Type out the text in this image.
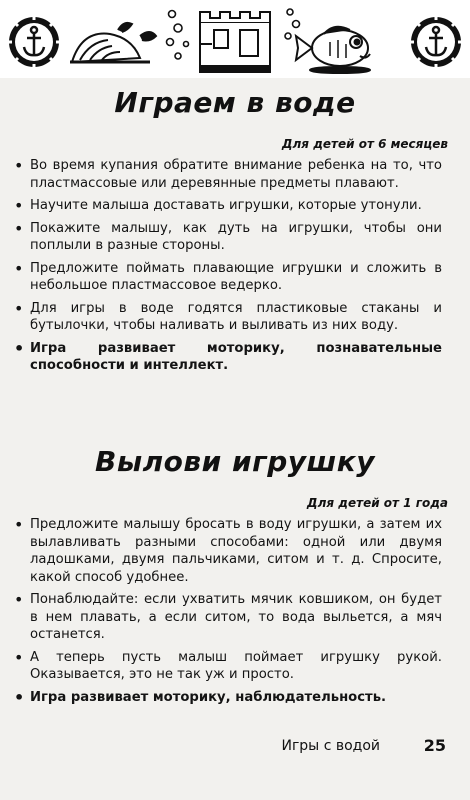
Играем в воде
Для детей от 6 месяцев
• Во время купания обратите внимание ребенка на то, что пластмассовые или деревянные предметы плавают.
• Научите малыша доставать игрушки, которые утонули.
• Покажите малышу, как дуть на игрушки, чтобы они поплыли в разные стороны.
• Предложите поймать плавающие игрушки и сложить в небольшое пластмассовое ведерко.
• Для игры в воде годятся пластиковые стаканы и бутылочки, чтобы наливать и выливать из них воду.
• Игра развивает моторику, познавательные способности и интеллект.
Вылови игрушку
Для детей от 1 года
• Предложите малышу бросать в воду игрушки, а затем их вылавливать разными способами: одной или двумя ладошками, двумя пальчиками, ситом и т. д. Спросите, какой способ удобнее.
• Понаблюдайте: если ухватить мячик ковшиком, он будет в нем плавать, а если ситом, то вода выльется, а мяч останется.
• А теперь пусть малыш поймает игрушку рукой. Оказывается, это не так уж и просто.
• Игра развивает моторику, наблюдательность.
Игры с водой	25
